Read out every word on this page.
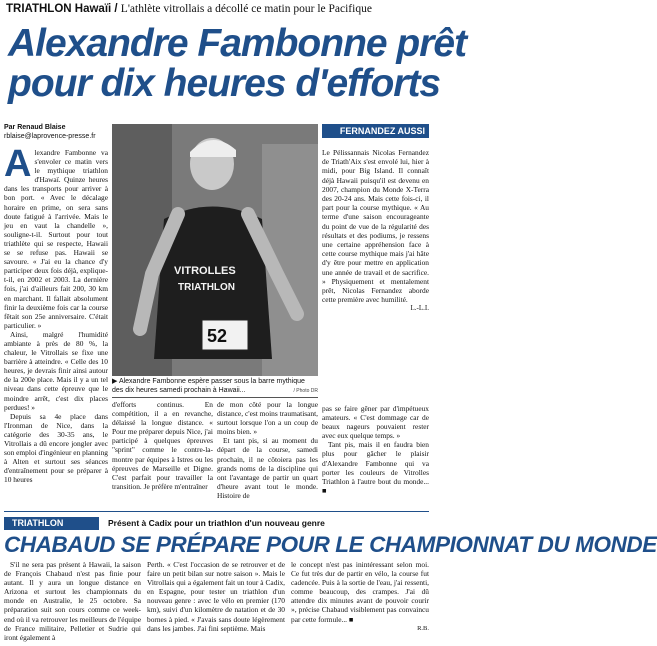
TRIATHLON Hawaïi / L'athlète vitrollais a décollé ce matin pour le Pacifique
Alexandre Fambonne prêt
pour dix heures d'efforts
Par Renaud Blaise
rblaise@laprovence-presse.fr
A lexandre Fambonne va s'envoler ce matin vers le mythique triathlon d'Hawaï. Quinze heures dans les transports pour arriver à bon port. « Avec le décalage horaire en prime, on sera sans doute fatigué à l'arrivée. Mais le jeu en vaut la chandelle », souligne-t-il. Surtout pour tout triathlète qui se respecte, Hawaii se se refuse pas. Hawaii se savoure. « J'ai eu la chance d'y participer deux fois déjà, explique-t-il, en 2002 et 2003. La dernière fois, j'ai d'ailleurs fait 200, 30 km en marchant. Il fallait absolument finir la deuxième fois car la course fêtait son 25e anniversaire. C'était particulier. »

Ainsi, malgré l'humidité ambiante à près de 80 %, la chaleur, le Vitrollais se fixe une barrière à atteindre. « Celle des 10 heures, je devrais finir ainsi autour de la 200e place. Mais il y a un tel niveau dans cette épreuve que le moindre arrêt, c'est dix places perdues! »

Depuis sa 4e place dans l'Ironman de Nice, dans la catégorie des 30-35 ans, le Vitrollais a dû encore jongler avec son emploi d'ingénieur en planning à Alten et surtout ses séances d'entraînement pour se préparer à 10 heures

52
VITROLLES
TRIATHLON
▶ Alexandre Fambonne espère passer sous la barre mythique des dix heures samedi prochain à Hawaii...	/ Photo DR

d'efforts continus. En compétition, il a en revanche, délaissé la longue distance. « Pour me préparer depuis Nice, j'ai participé à quelques épreuves "sprint" comme le contre-la-montre par équipes à Istres ou les épreuves de Marseille et Digne. C'est parfait pour travailler la transition. Je préfère m'entraîner

de mon côté pour la longue distance, c'est moins traumatisant, surtout lorsque l'on a un coup de moins bien. »

Et tant pis, si au moment du départ de la course, samedi prochain, il ne côtoiera pas les grands noms de la discipline qui ont l'avantage de partir un quart d'heure avant tout le monde. Histoire de

FERNANDEZ AUSSI
Le Pélissannais Nicolas Fernandez de Triath'Aix s'est envolé lui, hier à midi, pour Big Island. Il connaît déjà Hawaii puisqu'il est devenu en 2007, champion du Monde X-Terra des 20-24 ans. Mais cette fois-ci, il part pour la course mythique. « Au terme d'une saison encourageante du point de vue de la régularité des résultats et des podiums, je ressens une certaine appréhension face à cette course mythique mais j'ai hâte d'y être pour mettre en application une année de travail et de sacrifice. » Physiquement et mentalement prêt, Nicolas Fernandez aborde cette première avec humilité.
L.-L.I.

pas se faire gêner par d'impétueux amateurs. « C'est dommage car de beaux nageurs pouvaient rester avec eux quelque temps. »

Tant pis, mais il en faudra bien plus pour gâcher le plaisir d'Alexandre Fambonne qui va porter les couleurs de Vitrolles Triathlon à l'autre bout du monde... ■

TRIATHLON	Présent à Cadix pour un triathlon d'un nouveau genre
CHABAUD SE PRÉPARE POUR LE CHAMPIONNAT DU MONDE

S'il ne sera pas présent à Hawaii, la saison de François Chabaud n'est pas finie pour autant. Il y aura un longue distance en Arizona et surtout les championnats du monde en Australie, le 25 octobre. Sa préparation suit son cours comme ce week-end où il va retrouver les meilleurs de l'équipe de France militaire, Pelletier et Sudrie qui iront également à

Perth. « C'est l'occasion de se retrouver et de faire un petit bilan sur notre saison ». Mais le Vitrollais qui a également fait un tour à Cadix, en Espagne, pour tester un triathlon d'un nouveau genre : avec le vélo en premier (170 km), suivi d'un kilomètre de natation et de 30 bornes à pied. « J'avais sans doute légèrement dans les jambes. J'ai fini septième. Mais

le concept n'est pas inintéressant selon moi. Ce fut très dur de partir en vélo, la course fut cadencée. Puis à la sortie de l'eau, j'ai ressenti, comme beaucoup, des crampes. J'ai dû attendre dix minutes avant de pouvoir courir », précise Chabaud visiblement pas convaincu par cette formule... ■

R.B.
